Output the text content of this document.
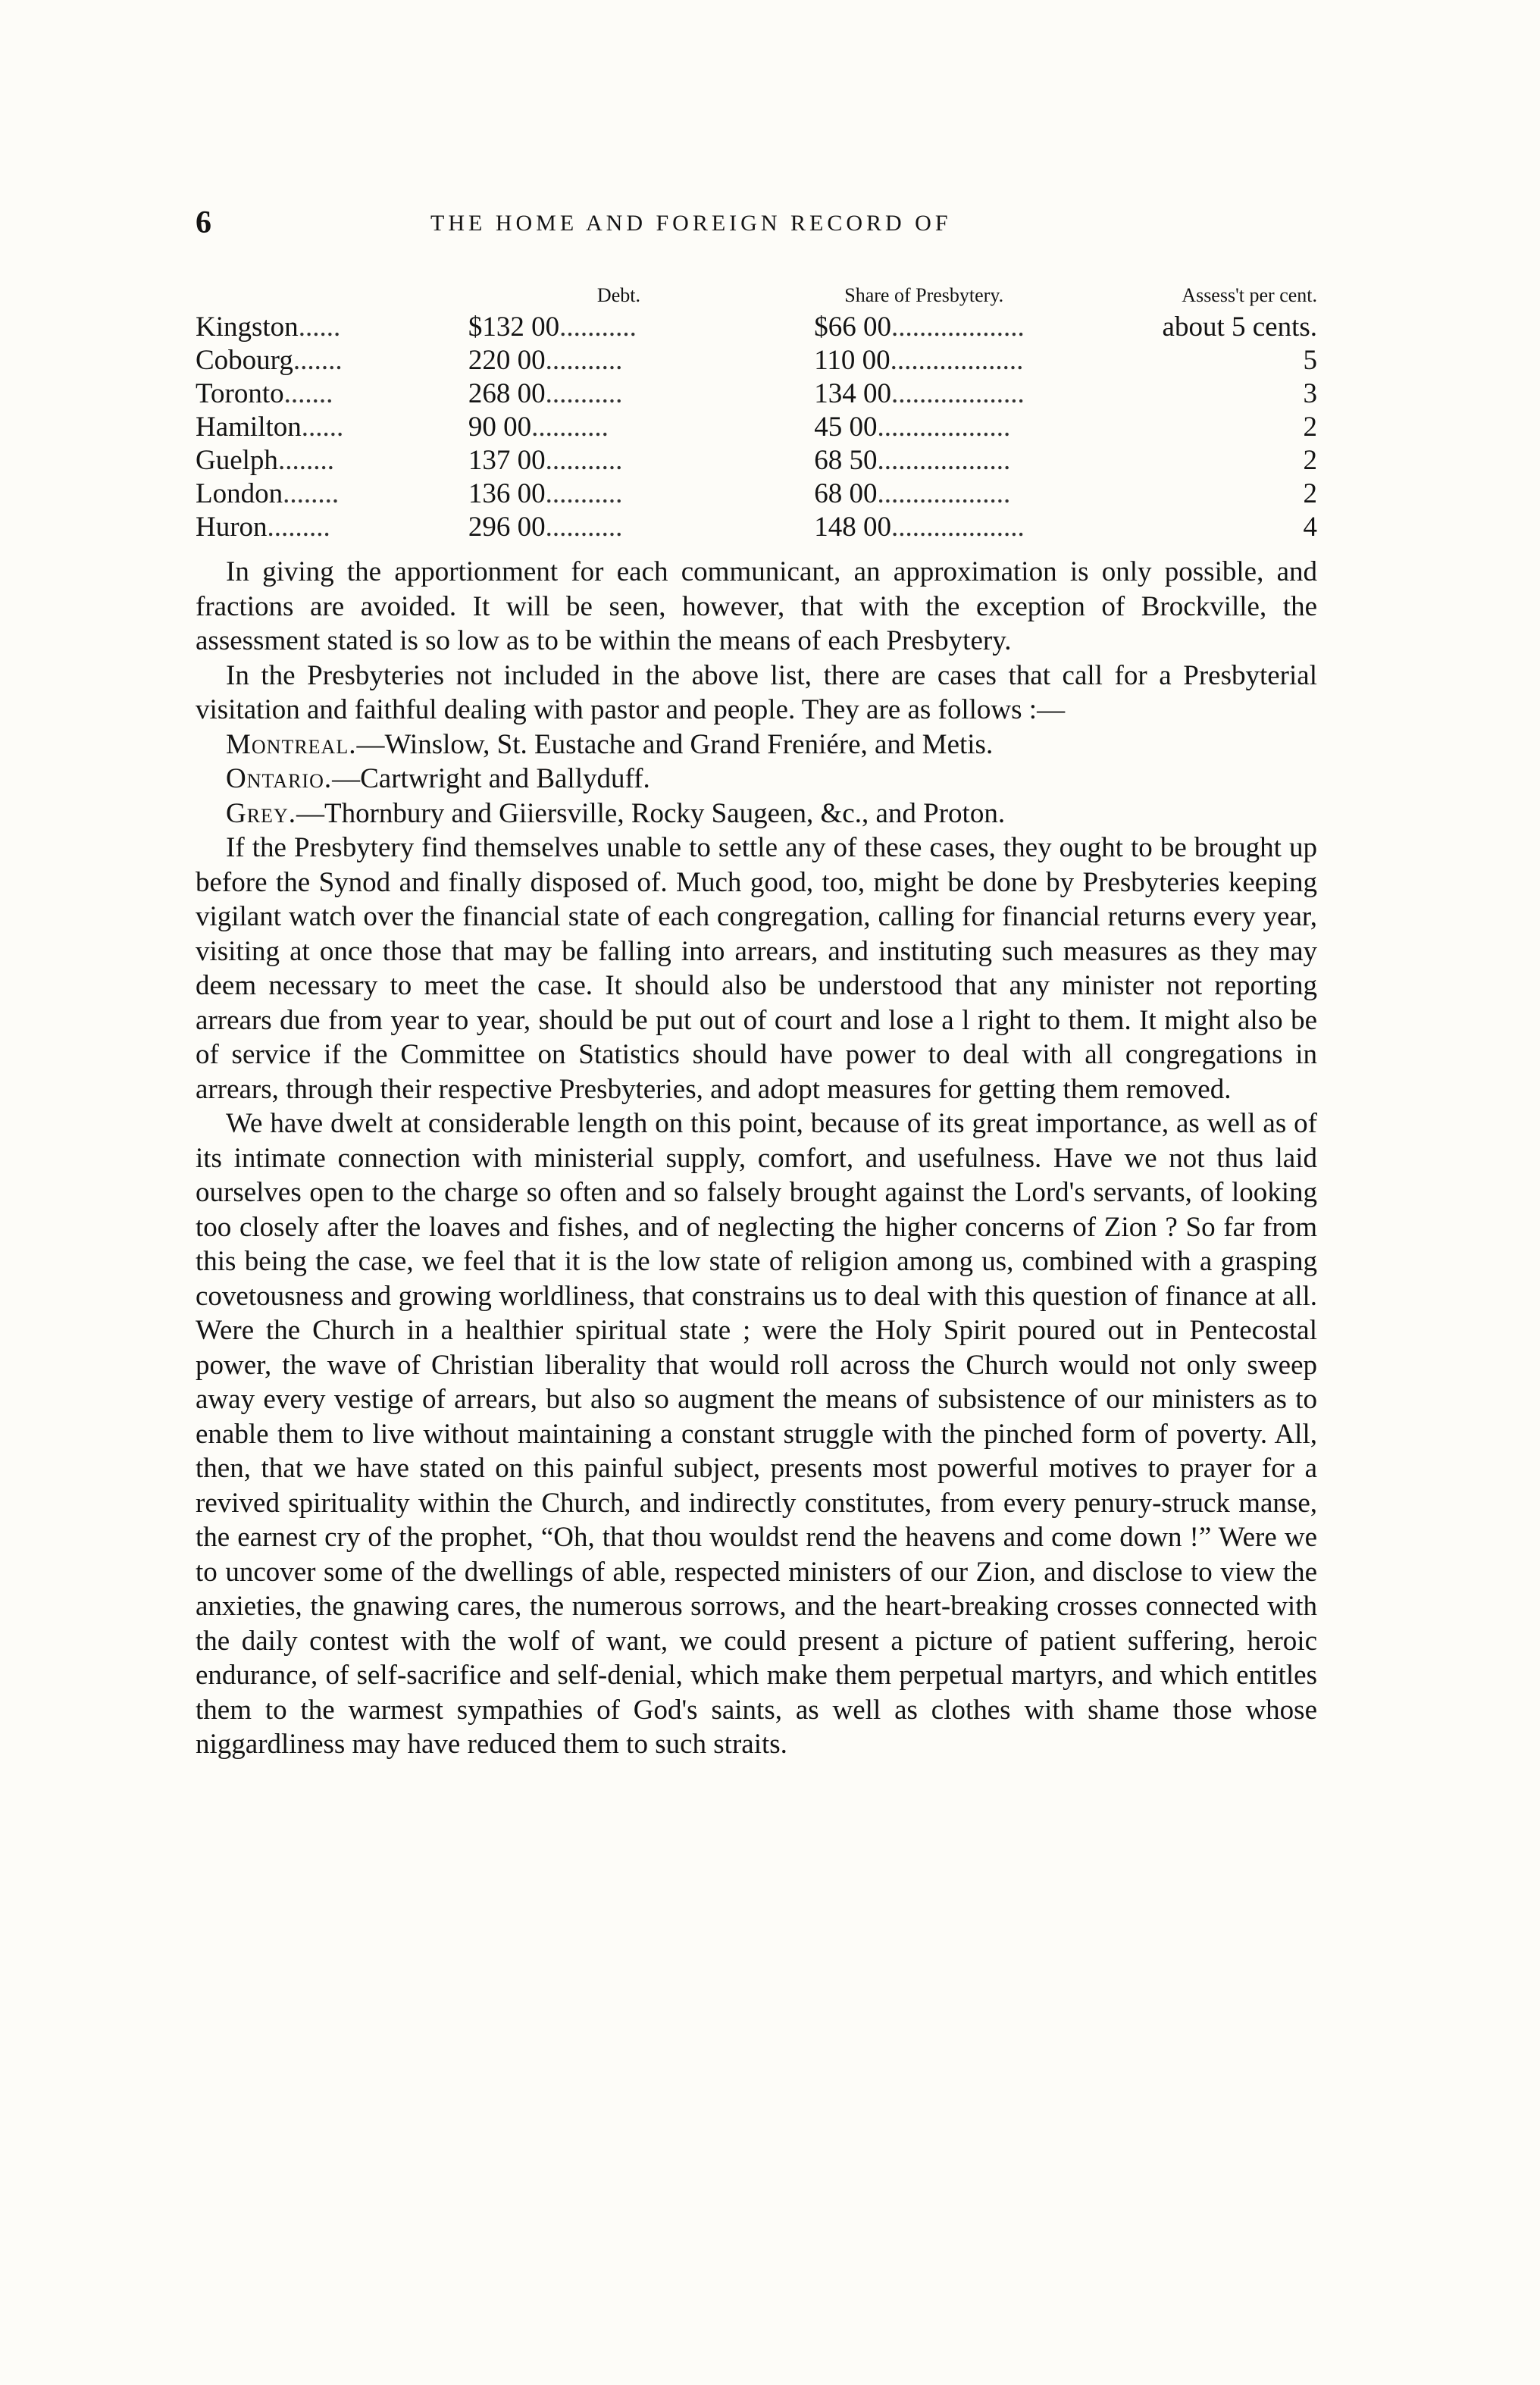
6	THE HOME AND FOREIGN RECORD OF
	Debt.	Share of Presbytery.	Assess't per cent.
Kingston......	$132 00...........	$66 00...................	about 5 cents.
Cobourg.......	220 00...........	110 00...................	5
Toronto.......	268 00...........	134 00...................	3
Hamilton......	90 00...........	45 00...................	2
Guelph........	137 00...........	68 50...................	2
London........	136 00...........	68 00...................	2
Huron.........	296 00...........	148 00...................	4

In giving the apportionment for each communicant, an approximation is only possible, and fractions are avoided. It will be seen, however, that with the exception of Brockville, the assessment stated is so low as to be within the means of each Presbytery.

In the Presbyteries not included in the above list, there are cases that call for a Presbyterial visitation and faithful dealing with pastor and people. They are as follows :—

Montreal.—Winslow, St. Eustache and Grand Freniére, and Metis.

Ontario.—Cartwright and Ballyduff.

Grey.—Thornbury and Giiersville, Rocky Saugeen, &c., and Proton.

If the Presbytery find themselves unable to settle any of these cases, they ought to be brought up before the Synod and finally disposed of. Much good, too, might be done by Presbyteries keeping vigilant watch over the financial state of each congregation, calling for financial returns every year, visiting at once those that may be falling into arrears, and instituting such measures as they may deem necessary to meet the case. It should also be understood that any minister not reporting arrears due from year to year, should be put out of court and lose a l right to them. It might also be of service if the Committee on Statistics should have power to deal with all congregations in arrears, through their respective Presbyteries, and adopt measures for getting them removed.

We have dwelt at considerable length on this point, because of its great importance, as well as of its intimate connection with ministerial supply, comfort, and usefulness. Have we not thus laid ourselves open to the charge so often and so falsely brought against the Lord's servants, of looking too closely after the loaves and fishes, and of neglecting the higher concerns of Zion ? So far from this being the case, we feel that it is the low state of religion among us, combined with a grasping covetousness and growing worldliness, that constrains us to deal with this question of finance at all. Were the Church in a healthier spiritual state ; were the Holy Spirit poured out in Pentecostal power, the wave of Christian liberality that would roll across the Church would not only sweep away every vestige of arrears, but also so augment the means of subsistence of our ministers as to enable them to live without maintaining a constant struggle with the pinched form of poverty. All, then, that we have stated on this painful subject, presents most powerful motives to prayer for a revived spirituality within the Church, and indirectly constitutes, from every penury-struck manse, the earnest cry of the prophet, “Oh, that thou wouldst rend the heavens and come down !” Were we to uncover some of the dwellings of able, respected ministers of our Zion, and disclose to view the anxieties, the gnawing cares, the numerous sorrows, and the heart-breaking crosses connected with the daily contest with the wolf of want, we could present a picture of patient suffering, heroic endurance, of self-sacrifice and self-denial, which make them perpetual martyrs, and which entitles them to the warmest sympathies of God's saints, as well as clothes with shame those whose niggardliness may have reduced them to such straits.
